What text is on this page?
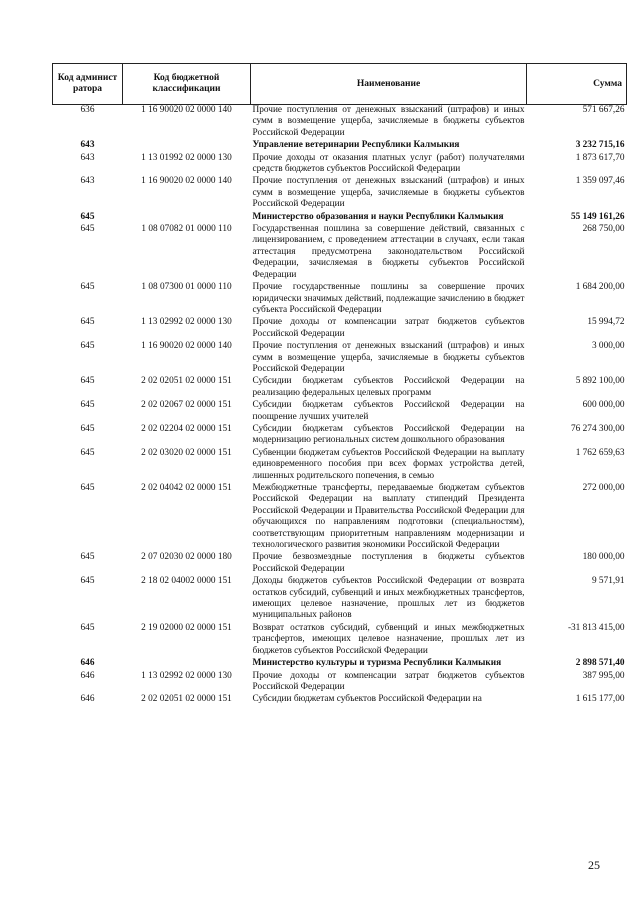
Код админист ратора	Код бюджетной классификации	Наименование	Сумма
636	1 16 90020 02 0000 140	Прочие поступления от денежных взысканий (штрафов) и иных сумм в возмещение ущерба, зачисляемые в бюджеты субъектов Российской Федерации	571 667,26
643		Управление ветеринарии Республики Калмыкия	3 232 715,16
643	1 13 01992 02 0000 130	Прочие доходы от оказания платных услуг (работ) получателями средств бюджетов субъектов Российской Федерации	1 873 617,70
643	1 16 90020 02 0000 140	Прочие поступления от денежных взысканий (штрафов) и иных сумм в возмещение ущерба, зачисляемые в бюджеты субъектов Российской Федерации	1 359 097,46
645		Министерство образования и науки Республики Калмыкия	55 149 161,26
645	1 08 07082 01 0000 110	Государственная пошлина за совершение действий, связанных с лицензированием, с проведением аттестации в случаях, если такая аттестация предусмотрена законодательством Российской Федерации, зачисляемая в бюджеты субъектов Российской Федерации	268 750,00
645	1 08 07300 01 0000 110	Прочие государственные пошлины за совершение прочих юридически значимых действий, подлежащие зачислению в бюджет субъекта Российской Федерации	1 684 200,00
645	1 13 02992 02 0000 130	Прочие доходы от компенсации затрат бюджетов субъектов Российской Федерации	15 994,72
645	1 16 90020 02 0000 140	Прочие поступления от денежных взысканий (штрафов) и иных сумм в возмещение ущерба, зачисляемые в бюджеты субъектов Российской Федерации	3 000,00
645	2 02 02051 02 0000 151	Субсидии бюджетам субъектов Российской Федерации на реализацию федеральных целевых программ	5 892 100,00
645	2 02 02067 02 0000 151	Субсидии бюджетам субъектов Российской Федерации на поощрение лучших учителей	600 000,00
645	2 02 02204 02 0000 151	Субсидии бюджетам субъектов Российской Федерации на модернизацию региональных систем дошкольного образования	76 274 300,00
645	2 02 03020 02 0000 151	Субвенции бюджетам субъектов Российской Федерации на выплату единовременного пособия при всех формах устройства детей, лишенных родительского попечения, в семью	1 762 659,63
645	2 02 04042 02 0000 151	Межбюджетные трансферты, передаваемые бюджетам субъектов Российской Федерации на выплату стипендий Президента Российской Федерации и Правительства Российской Федерации для обучающихся по направлениям подготовки (специальностям), соответствующим приоритетным направлениям модернизации и технологического развития экономики Российской Федерации	272 000,00
645	2 07 02030 02 0000 180	Прочие безвозмездные поступления в бюджеты субъектов Российской Федерации	180 000,00
645	2 18 02 04002 0000 151	Доходы бюджетов субъектов Российской Федерации от возврата остатков субсидий, субвенций и иных межбюджетных трансфертов, имеющих целевое назначение, прошлых лет из бюджетов муниципальных районов	9 571,91
645	2 19 02000 02 0000 151	Возврат остатков субсидий, субвенций и иных межбюджетных трансфертов, имеющих целевое назначение, прошлых лет из бюджетов субъектов Российской Федерации	-31 813 415,00
646		Министерство культуры и туризма Республики Калмыкия	2 898 571,40
646	1 13 02992 02 0000 130	Прочие доходы от компенсации затрат бюджетов субъектов Российской Федерации	387 995,00
646	2 02 02051 02 0000 151	Субсидии бюджетам субъектов Российской Федерации на	1 615 177,00
25
